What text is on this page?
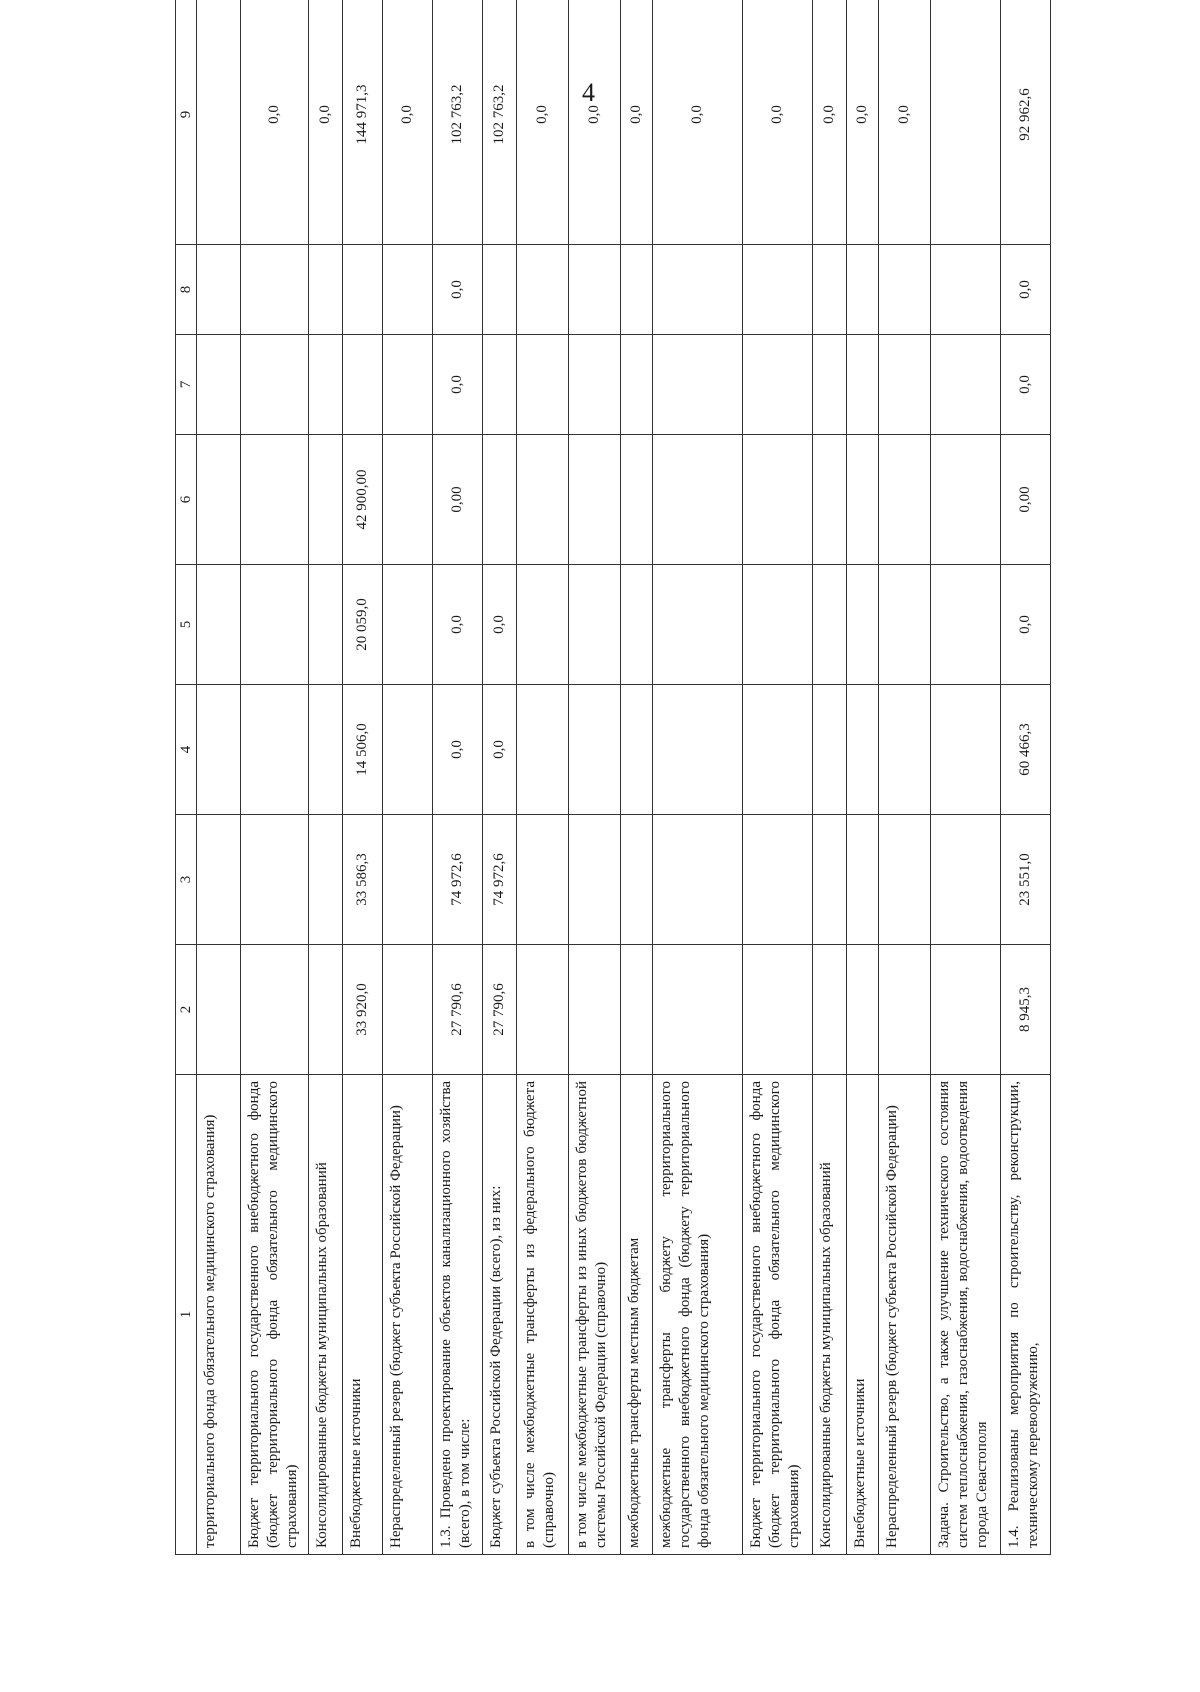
4
1	2	3	4	5	6	7	8	9
территориального фонда обязательного медицинского страхования)								
Бюджет территориального государственного внебюджетного фонда (бюджет территориального фонда обязательного медицинского страхования)								0,0
Консолидированные бюджеты муниципальных образований								0,0
Внебюджетные источники	33 920,0	33 586,3	14 506,0	20 059,0	42 900,00			144 971,3
Нераспределенный резерв (бюджет субъекта Российской Федерации)								0,0
1.3. Проведено проектирование объектов канализационного хозяйства (всего), в том числе:	27 790,6	74 972,6	0,0	0,0	0,00	0,0	0,0	102 763,2
Бюджет субъекта Российской Федерации (всего), из них:	27 790,6	74 972,6	0,0	0,0				102 763,2
в том числе межбюджетные трансферты из федерального бюджета (справочно)								0,0
в том числе межбюджетные трансферты из иных бюджетов бюджетной системы Российской Федерации (справочно)								0,0
межбюджетные трансферты местным бюджетам								0,0
межбюджетные трансферты бюджету территориального государственного внебюджетного фонда (бюджету территориального фонда обязательного медицинского страхования)								0,0
Бюджет территориального государственного внебюджетного фонда (бюджет территориального фонда обязательного медицинского страхования)								0,0
Консолидированные бюджеты муниципальных образований								0,0
Внебюджетные источники								0,0
Нераспределенный резерв (бюджет субъекта Российской Федерации)								0,0
Задача. Строительство, а также улучшение технического состояния систем теплоснабжения, газоснабжения, водоснабжения, водоотведения города Севастополя								
1.4. Реализованы мероприятия по строительству, реконструкции, техническому перевооружению,	8 945,3	23 551,0	60 466,3	0,0	0,00	0,0	0,0	92 962,6
